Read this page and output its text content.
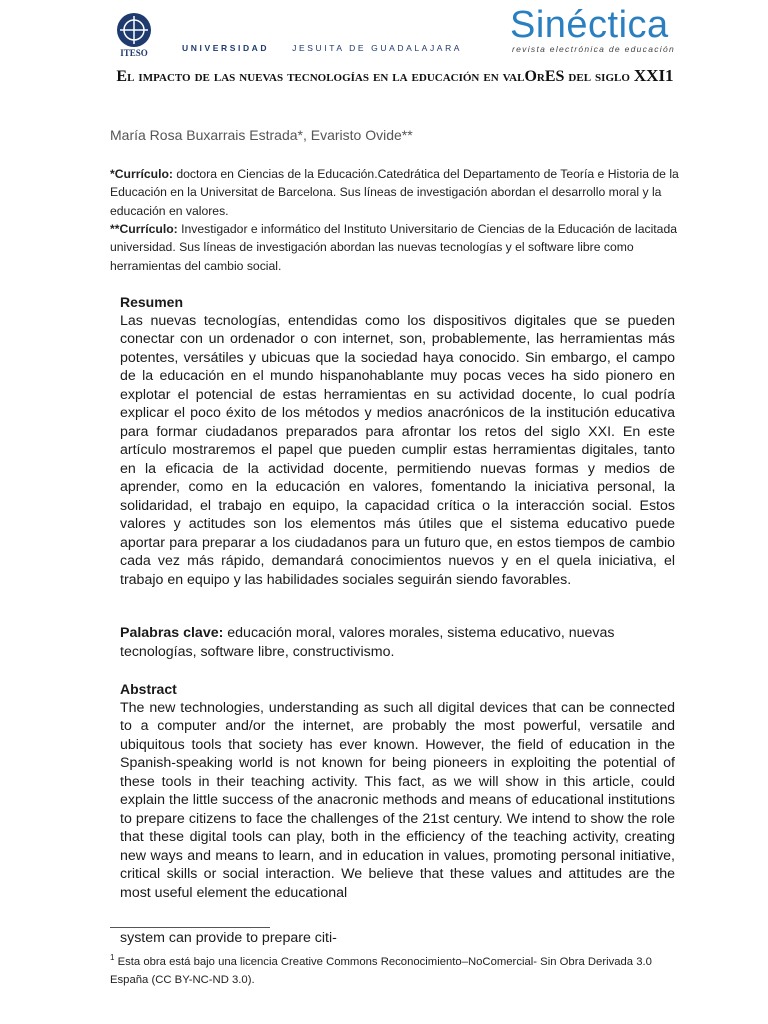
ITESO	UNIVERSIDAD	JESUITA DE GUADALAJARA
Sinéctica
revista electrónica de educación
El impacto de las nuevas tecnologías en la educación en valOrES del siglo XXI1
María Rosa Buxarrais Estrada*, Evaristo Ovide**
*Currículo: doctora en Ciencias de la Educación.Catedrática del Departamento de Teoría e Historia de la Educación en la Universitat de Barcelona. Sus líneas de investigación abordan el desarrollo moral y la educación en valores.
**Currículo: Investigador e informático del Instituto Universitario de Ciencias de la Educación de lacitada universidad. Sus líneas de investigación abordan las nuevas tecnologías y el software libre como herramientas del cambio social.
Resumen

Las nuevas tecnologías, entendidas como los dispositivos digitales que se pueden conectar con un ordenador o con internet, son, probablemente, las herramientas más potentes, versátiles y ubicuas que la sociedad haya conocido. Sin embargo, el campo de la educación en el mundo hispanohablante muy pocas veces ha sido pionero en explotar el potencial de estas herramientas en su actividad docente, lo cual podría explicar el poco éxito de los métodos y medios anacrónicos de la institución educativa para formar ciudadanos preparados para afrontar los retos del siglo XXI. En este artículo mostraremos el papel que pueden cumplir estas herramientas digitales, tanto en la eficacia de la actividad docente, permitiendo nuevas formas y medios de aprender, como en la educación en valores, fomentando la iniciativa personal, la solidaridad, el trabajo en equipo, la capacidad crítica o la interacción social. Estos valores y actitudes son los elementos más útiles que el sistema educativo puede aportar para preparar a los ciudadanos para un futuro que, en estos tiempos de cambio cada vez más rápido, demandará conocimientos nuevos y en el quela iniciativa, el trabajo en equipo y las habilidades sociales seguirán siendo favorables.

Palabras clave: educación moral, valores morales, sistema educativo, nuevas tecnologías, software libre, constructivismo.
Abstract

The new technologies, understanding as such all digital devices that can be connected to a computer and/or the internet, are probably the most powerful, versatile and ubiquitous tools that society has ever known. However, the field of education in the Spanish-speaking world is not known for being pioneers in exploiting the potential of these tools in their teaching activity. This fact, as we will show in this article, could explain the little success of the anacronic methods and means of educational institutions to prepare citizens to face the challenges of the 21st century. We intend to show the role that these digital tools can play, both in the efficiency of the teaching activity, creating new ways and means to learn, and in education in values, promoting personal initiative, critical skills or social interaction. We believe that these values and attitudes are the most useful element the educational

system can provide to prepare citi-
$^1$ Esta obra está bajo una licencia Creative Commons Reconocimiento–NoComercial- Sin Obra Derivada 3.0 España (CC BY-NC-ND 3.0).
